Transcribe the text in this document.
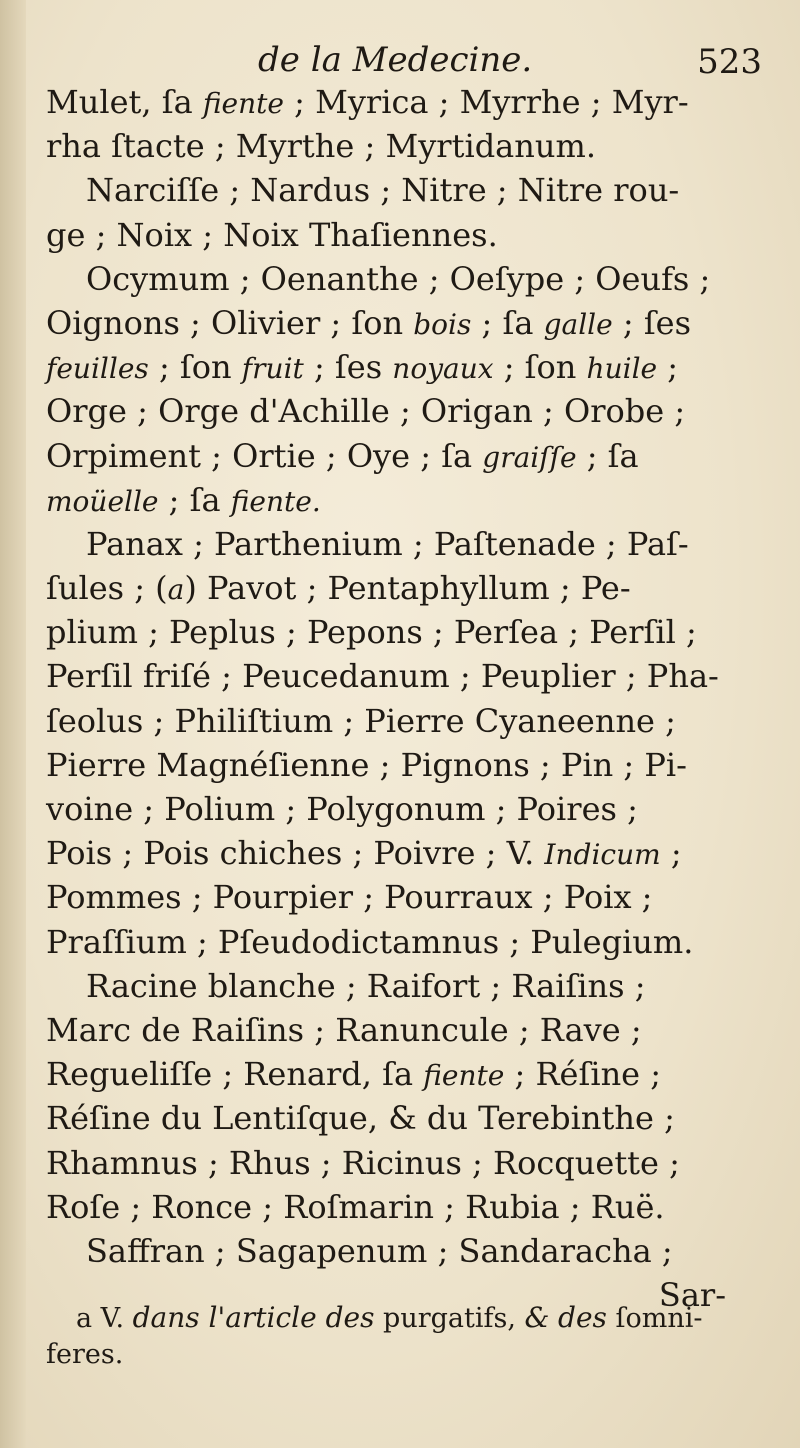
de la Medecine.	523
Mulet, ſa fiente ; Myrica ; Myrrhe ; Myr-
rha ſtacte ; Myrthe ; Myrtidanum.
Narciſſe ; Nardus ; Nitre ; Nitre rou-
ge ; Noix ; Noix Thaſiennes.
Ocymum ; Oenanthe ; Oeſype ; Oeufs ;
Oignons ; Olivier ; ſon bois ; ſa galle ; ſes
feuilles ; ſon fruit ; ſes noyaux ; ſon huile ;
Orge ; Orge d'Achille ; Origan ; Orobe ;
Orpiment ; Ortie ; Oye ; ſa graiſſe ; ſa
moüelle ; ſa fiente.
Panax ; Parthenium ; Paſtenade ; Paſ-
ſules ; (a) Pavot ; Pentaphyllum ; Pe-
plium ; Peplus ; Pepons ; Perſea ; Perſil ;
Perſil friſé ; Peucedanum ; Peuplier ; Pha-
ſeolus ; Philiſtium ; Pierre Cyaneenne ;
Pierre Magnéſienne ; Pignons ; Pin ; Pi-
voine ; Polium ; Polygonum ; Poires ;
Pois ; Pois chiches ; Poivre ; V. Indicum ;
Pommes ; Pourpier ; Pourraux ; Poix ;
Praſſium ; Pſeudodictamnus ; Pulegium.
Racine blanche ; Raifort ; Raiſins ;
Marc de Raiſins ; Ranuncule ; Rave ;
Regueliſſe ; Renard, ſa fiente ; Réſine ;
Réſine du Lentiſque, & du Terebinthe ;
Rhamnus ; Rhus ; Ricinus ; Rocquette ;
Roſe ; Ronce ; Roſmarin ; Rubia ; Ruë.
Saffran ; Sagapenum ; Sandaracha ;
Sar-
a V. dans l'article des purgatifs, & des ſomni-
feres.
